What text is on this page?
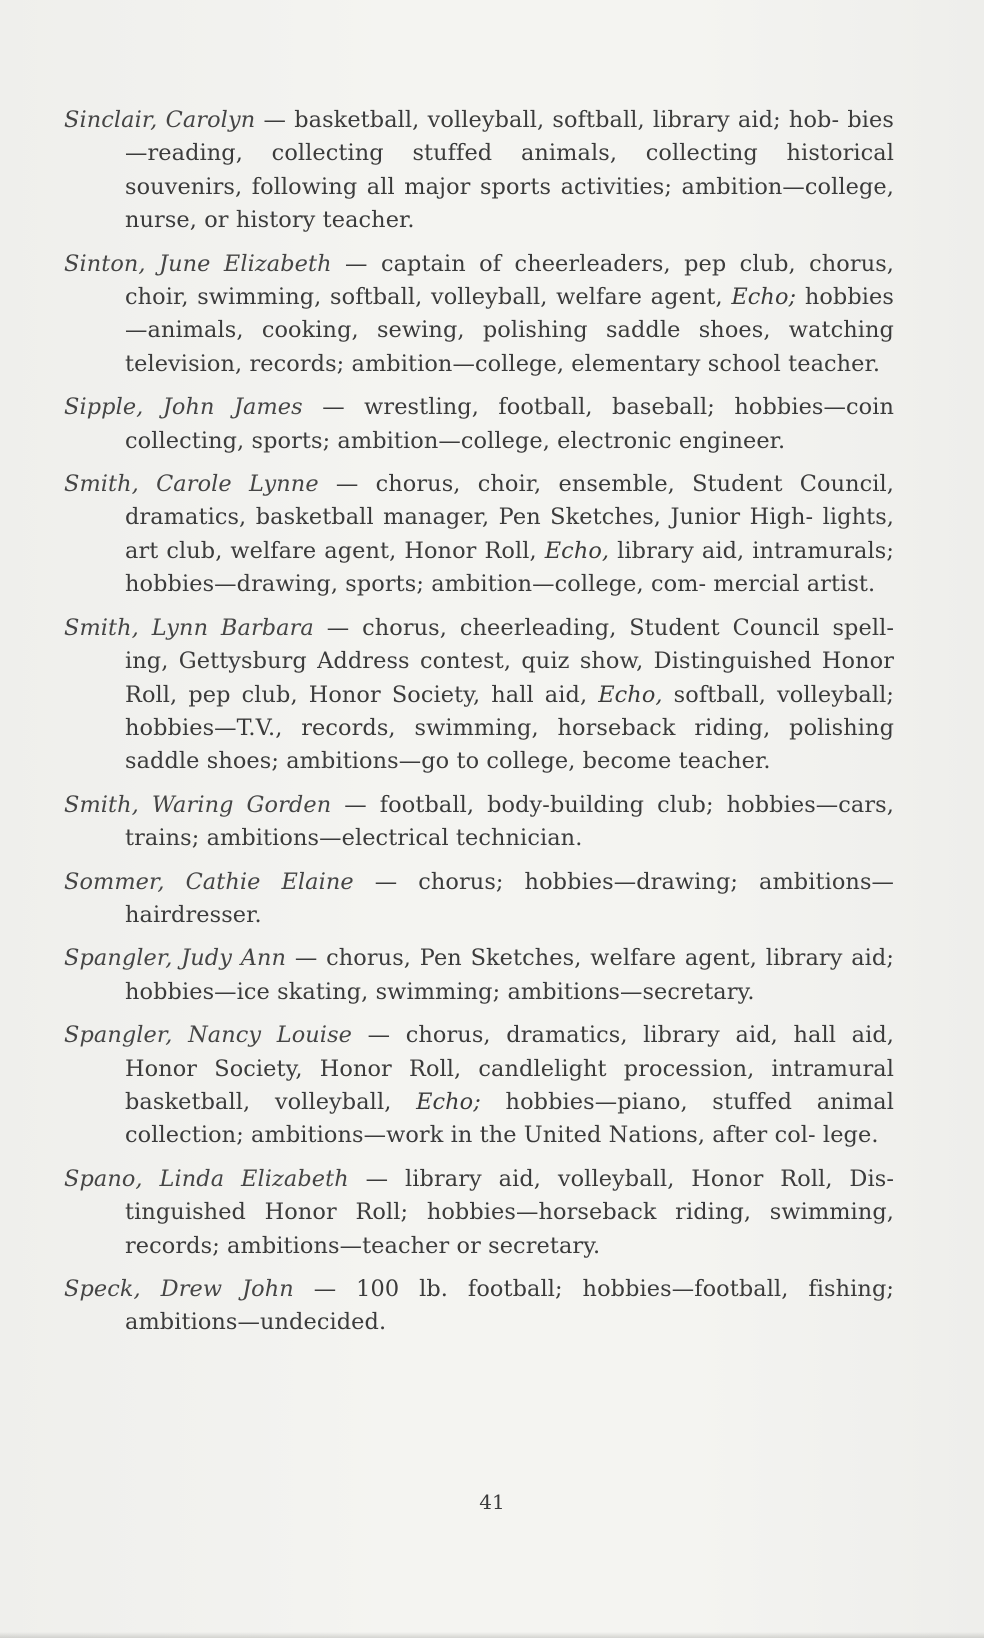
Sinclair, Carolyn — basketball, volleyball, softball, library aid; hob- bies—reading, collecting stuffed animals, collecting historical souvenirs, following all major sports activities; ambition—college, nurse, or history teacher.

Sinton, June Elizabeth — captain of cheerleaders, pep club, chorus, choir, swimming, softball, volleyball, welfare agent, Echo; hobbies—animals, cooking, sewing, polishing saddle shoes, watching television, records; ambition—college, elementary school teacher.

Sipple, John James — wrestling, football, baseball; hobbies—coin collecting, sports; ambition—college, electronic engineer.

Smith, Carole Lynne — chorus, choir, ensemble, Student Council, dramatics, basketball manager, Pen Sketches, Junior High- lights, art club, welfare agent, Honor Roll, Echo, library aid, intramurals; hobbies—drawing, sports; ambition—college, com- mercial artist.

Smith, Lynn Barbara — chorus, cheerleading, Student Council spell- ing, Gettysburg Address contest, quiz show, Distinguished Honor Roll, pep club, Honor Society, hall aid, Echo, softball, volleyball; hobbies—T.V., records, swimming, horseback riding, polishing saddle shoes; ambitions—go to college, become teacher.

Smith, Waring Gorden — football, body-building club; hobbies—cars, trains; ambitions—electrical technician.

Sommer, Cathie Elaine — chorus; hobbies—drawing; ambitions—hairdresser.

Spangler, Judy Ann — chorus, Pen Sketches, welfare agent, library aid; hobbies—ice skating, swimming; ambitions—secretary.

Spangler, Nancy Louise — chorus, dramatics, library aid, hall aid, Honor Society, Honor Roll, candlelight procession, intramural basketball, volleyball, Echo; hobbies—piano, stuffed animal collection; ambitions—work in the United Nations, after col- lege.

Spano, Linda Elizabeth — library aid, volleyball, Honor Roll, Dis- tinguished Honor Roll; hobbies—horseback riding, swimming, records; ambitions—teacher or secretary.

Speck, Drew John — 100 lb. football; hobbies—football, fishing; ambitions—undecided.

41
